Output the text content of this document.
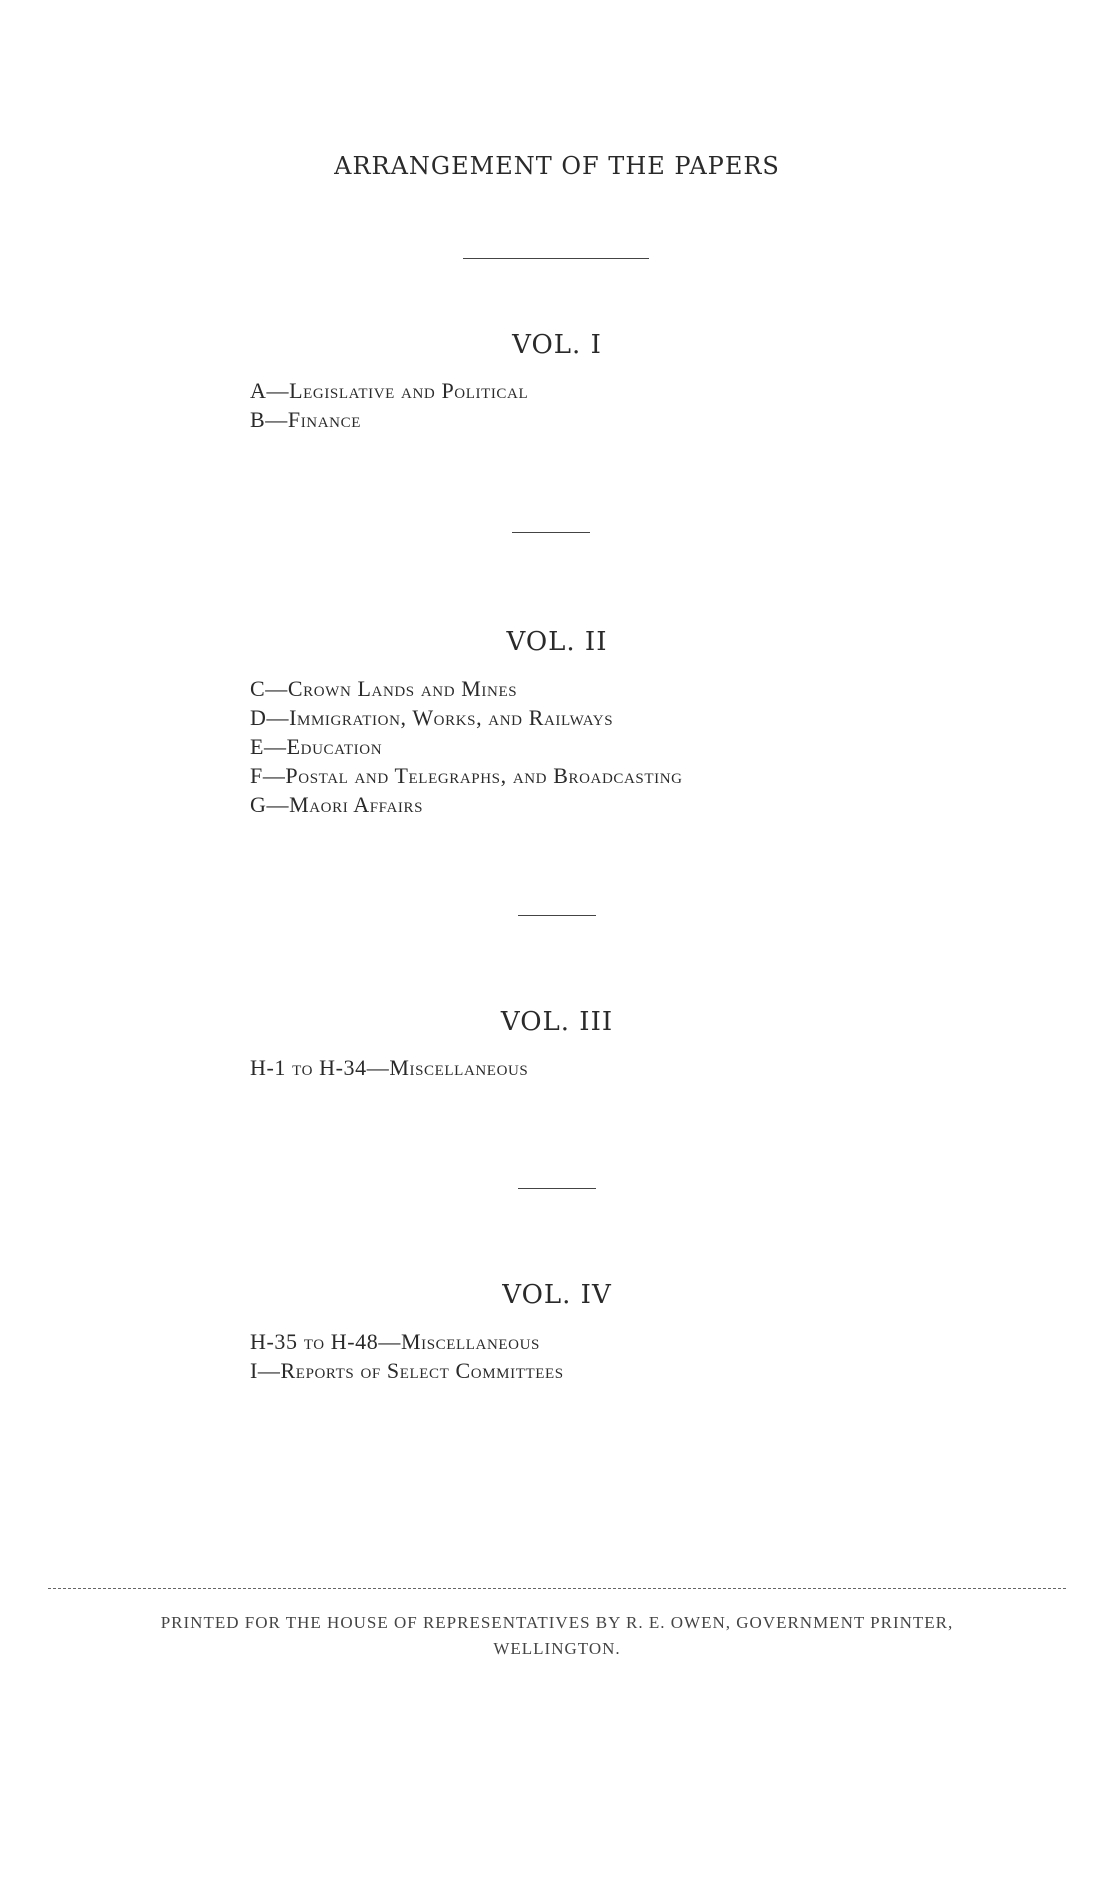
ARRANGEMENT OF THE PAPERS
VOL. I
A—Legislative and Political
B—Finance
VOL. II
C—Crown Lands and Mines
D—Immigration, Works, and Railways
E—Education
F—Postal and Telegraphs, and Broadcasting
G—Maori Affairs
VOL. III
H-1 to H-34—Miscellaneous
VOL. IV
H-35 to H-48—Miscellaneous
I—Reports of Select Committees
PRINTED FOR THE HOUSE OF REPRESENTATIVES BY R. E. OWEN, GOVERNMENT PRINTER,
WELLINGTON.
